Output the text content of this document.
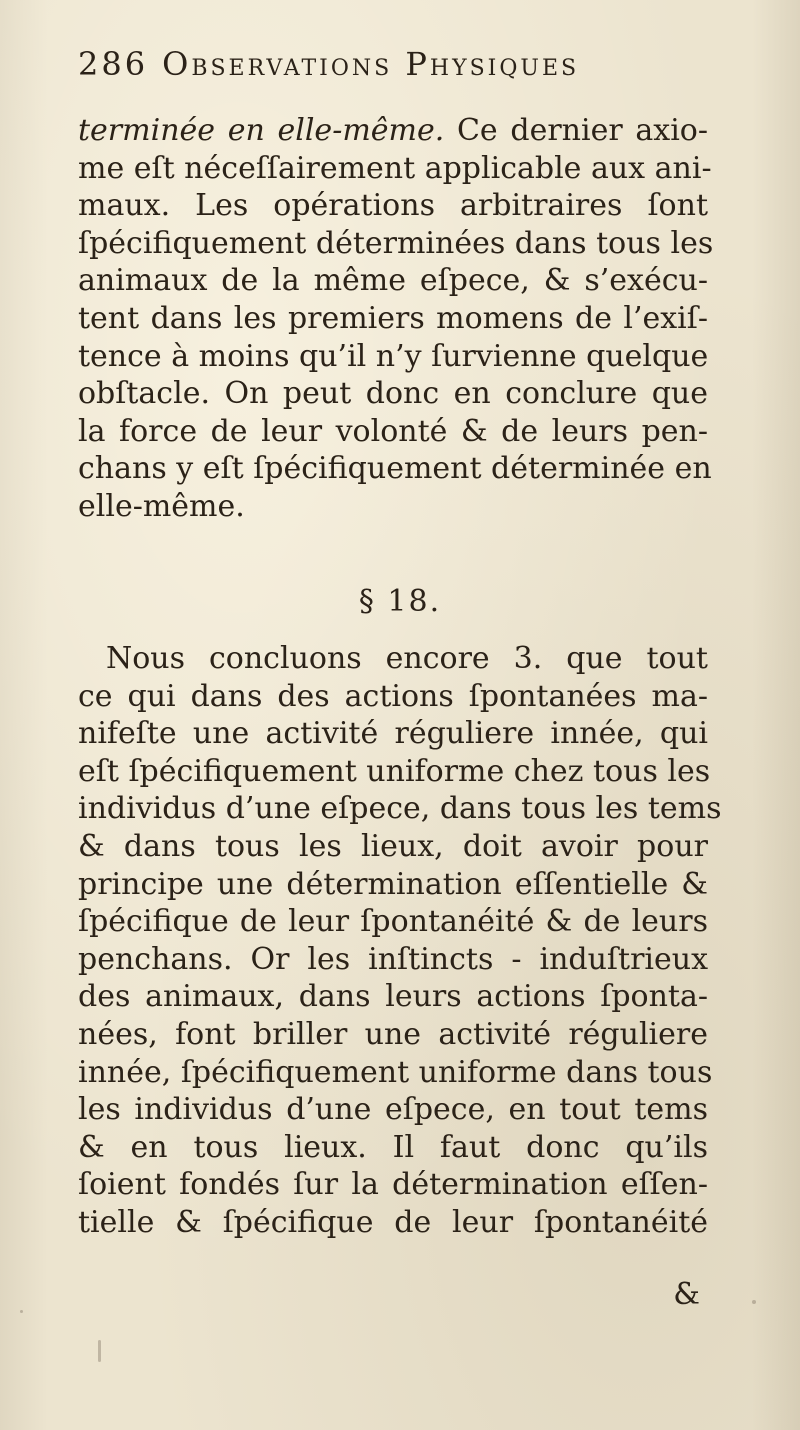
286 Observations Physiques
terminée en elle-même. Ce dernier axio-
me eſt néceſſairement applicable aux ani-
maux. Les opérations arbitraires ſont
ſpécifiquement déterminées dans tous les
animaux de la même eſpece, & s’exécu-
tent dans les premiers momens de l’exiſ-
tence à moins qu’il n’y ſurvienne quelque
obſtacle. On peut donc en conclure que
la force de leur volonté & de leurs pen-
chans y eſt ſpécifiquement déterminée en
elle-même.
§ 18.
Nous concluons encore 3. que tout
ce qui dans des actions ſpontanées ma-
nifeſte une activité réguliere innée, qui
eſt ſpécifiquement uniforme chez tous les
individus d’une eſpece, dans tous les tems
& dans tous les lieux, doit avoir pour
principe une détermination eſſentielle &
ſpécifique de leur ſpontanéité & de leurs
penchans. Or les inſtincts - induſtrieux
des animaux, dans leurs actions ſponta-
nées, font briller une activité réguliere
innée, ſpécifiquement uniforme dans tous
les individus d’une eſpece, en tout tems
& en tous lieux. Il faut donc qu’ils
ſoient fondés ſur la détermination eſſen-
tielle & ſpécifique de leur ſpontanéité
&
